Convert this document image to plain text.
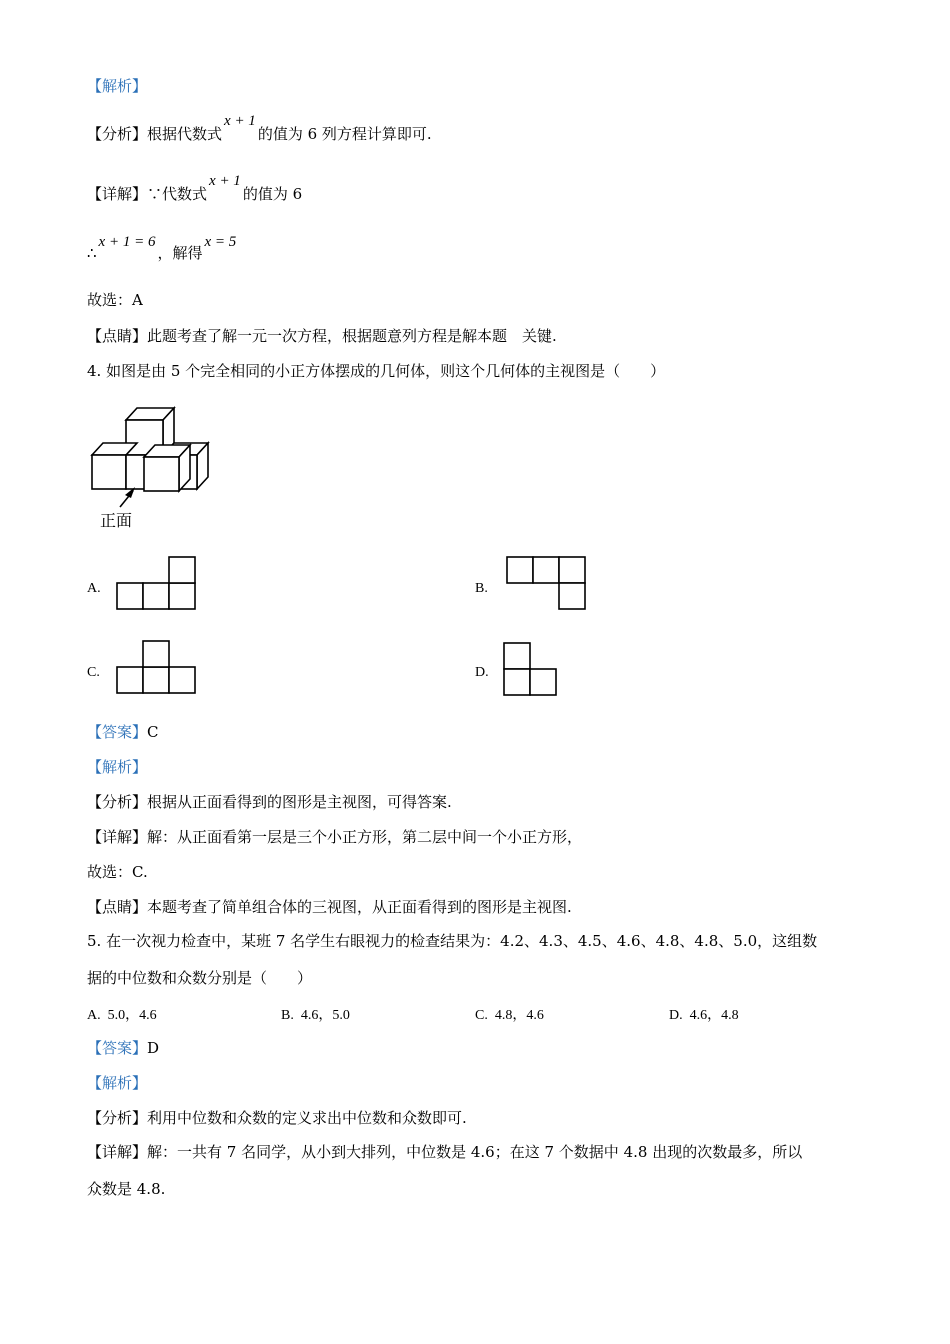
【解析】
【分析】根据代数式x + 1的值为 6 列方程计算即可.
【详解】∵代数式x + 1的值为 6
∴x + 1 = 6，解得x = 5
故选：A
【点睛】此题考查了解一元一次方程，根据题意列方程是解本题　关键.
4. 如图是由 5 个完全相同的小正方体摆成的几何体，则这个几何体的主视图是（　　）
正面
A.	B.
C.	D.
【答案】C
【解析】
【分析】根据从正面看得到的图形是主视图，可得答案.
【详解】解：从正面看第一层是三个小正方形，第二层中间一个小正方形，
故选：C.
【点睛】本题考查了简单组合体的三视图，从正面看得到的图形是主视图.
5. 在一次视力检查中，某班 7 名学生右眼视力的检查结果为：4.2、4.3、4.5、4.6、4.8、4.8、5.0，这组数
据的中位数和众数分别是（　　）
A. 5.0，4.6	B. 4.6，5.0	C. 4.8，4.6	D. 4.6，4.8
【答案】D
【解析】
【分析】利用中位数和众数的定义求出中位数和众数即可.
【详解】解：一共有 7 名同学，从小到大排列，中位数是 4.6；在这 7 个数据中 4.8 出现的次数最多，所以
众数是 4.8.
